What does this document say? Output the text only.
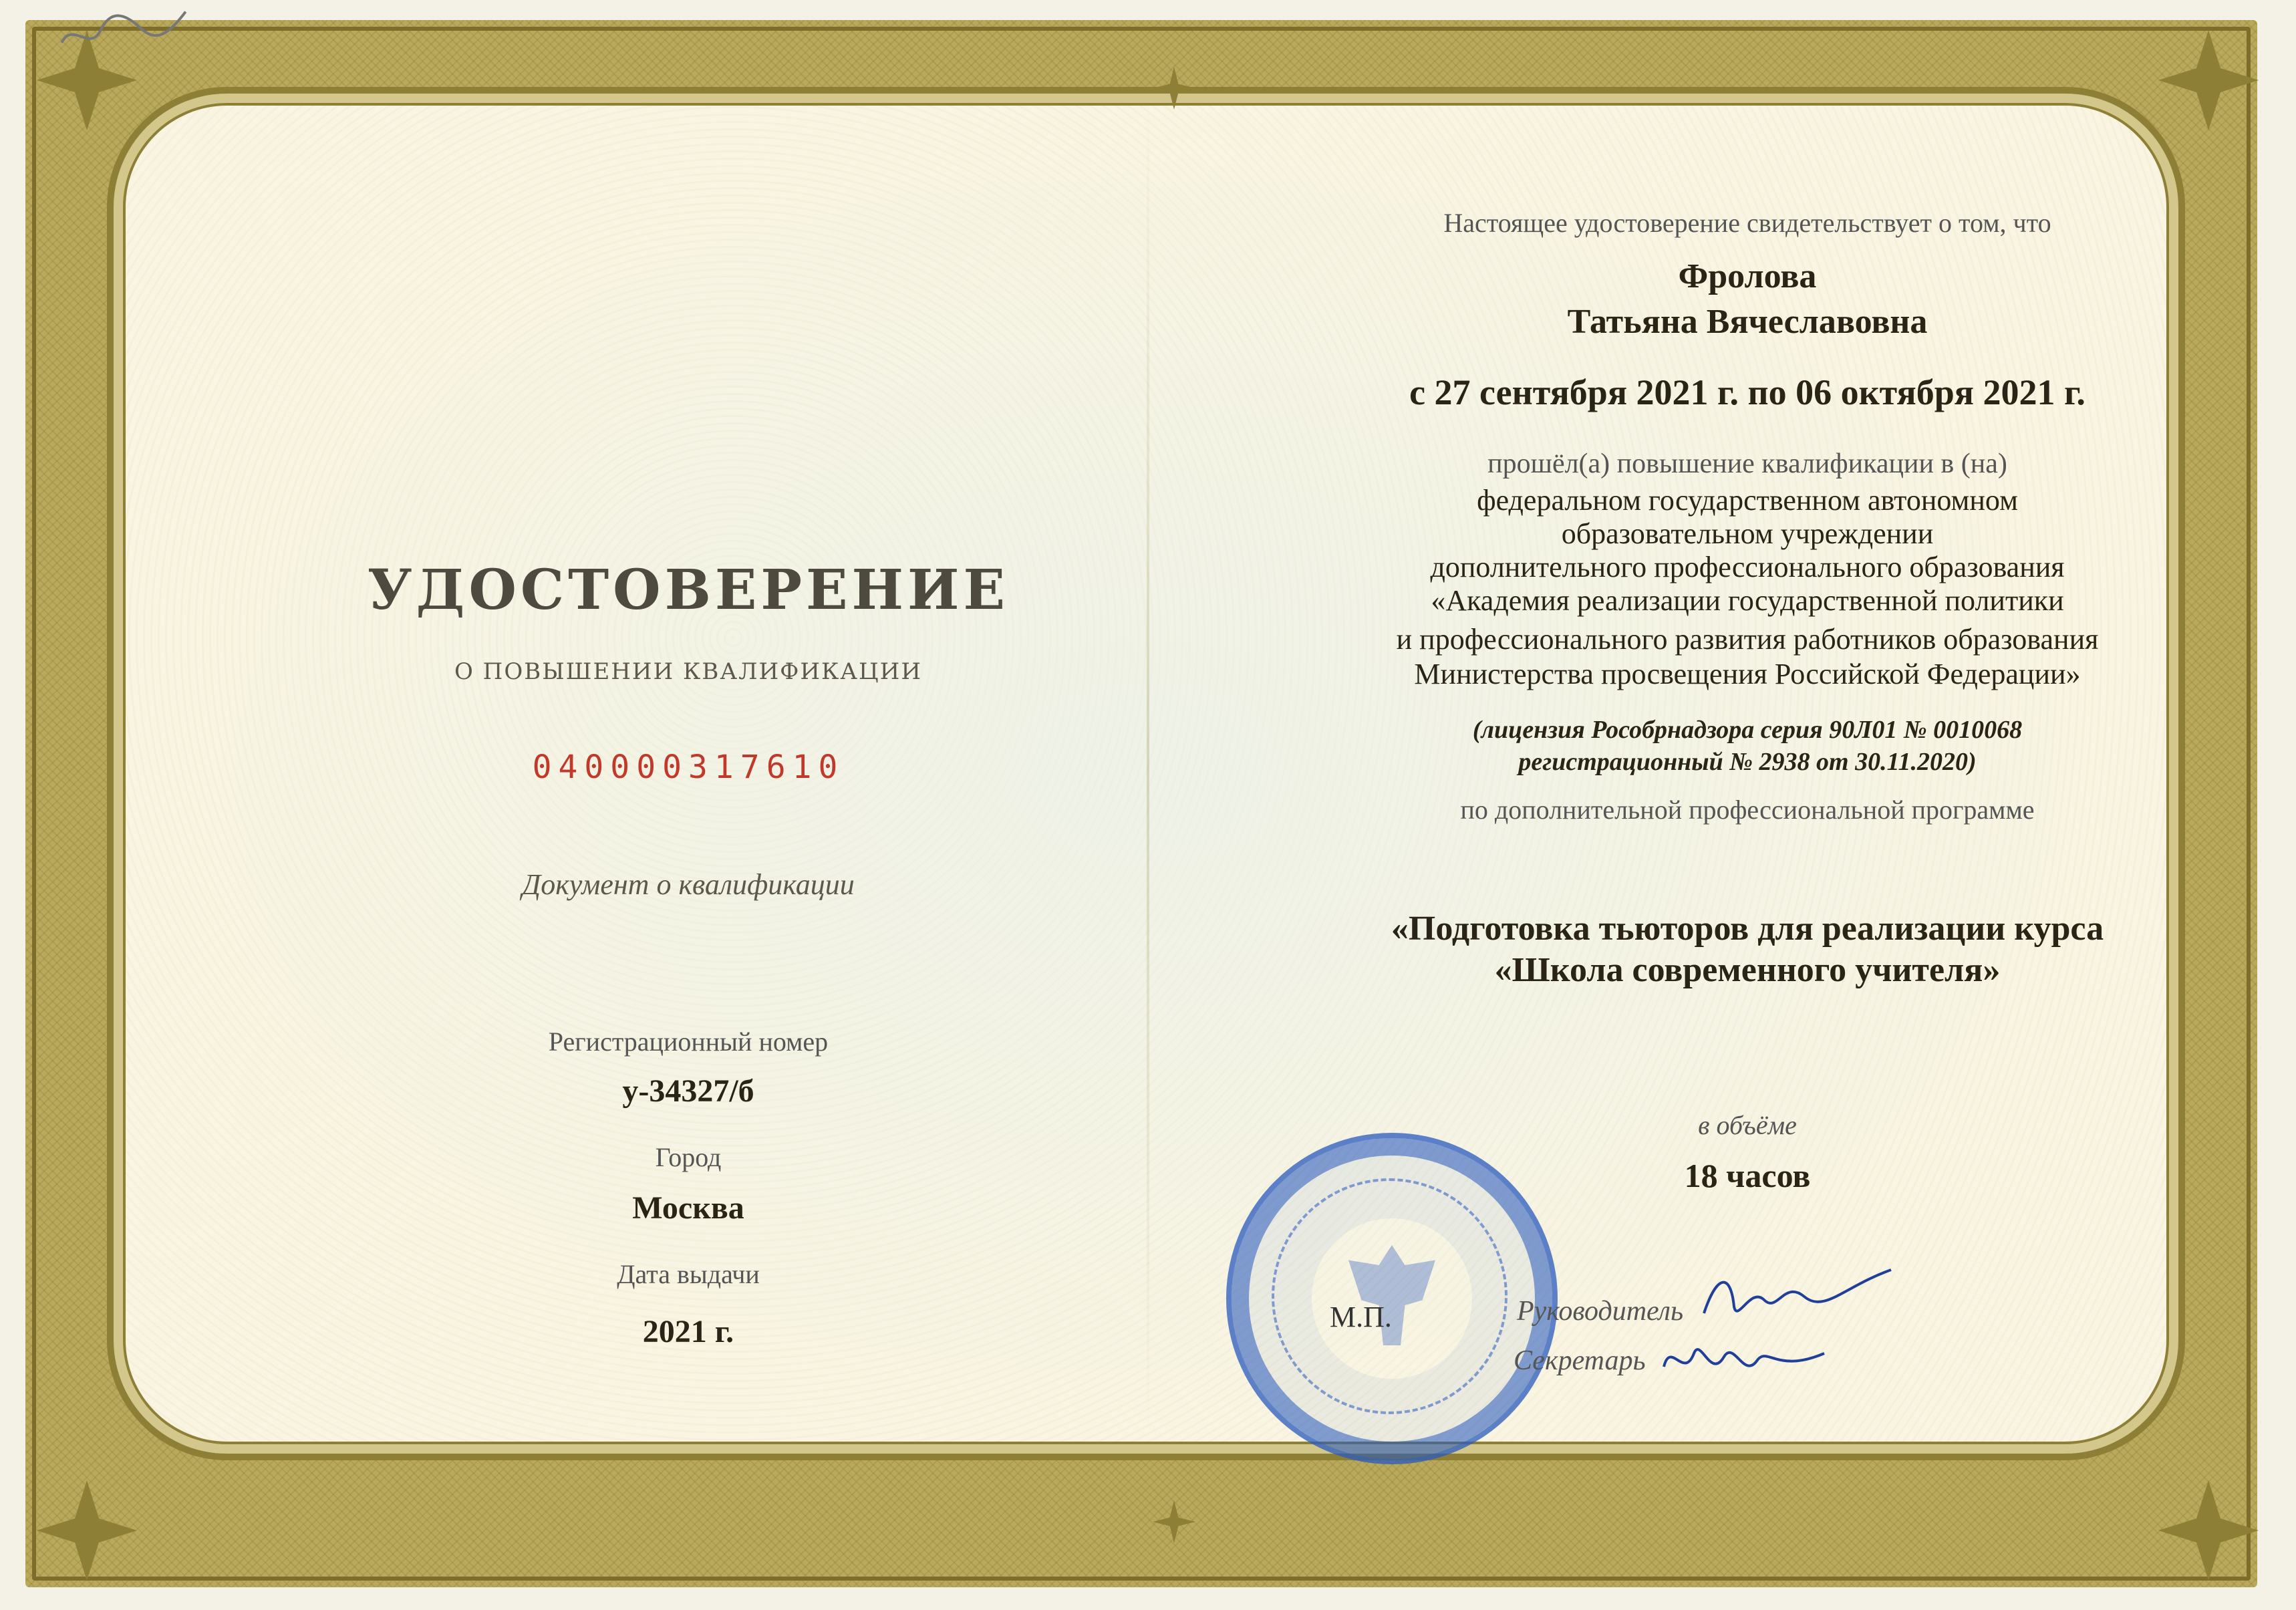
УДОСТОВЕРЕНИЕ
О ПОВЫШЕНИИ КВАЛИФИКАЦИИ
040000317610
Документ о квалификации
Регистрационный номер
у-34327/б
Город
Москва
Дата выдачи
2021 г.
Настоящее удостоверение свидетельствует о том, что
Фролова
Татьяна Вячеславовна
с 27 сентября 2021 г. по 06 октября 2021 г.
прошёл(а) повышение квалификации в (на)
федеральном государственном автономном
образовательном учреждении
дополнительного профессионального образования
«Академия реализации государственной политики
и профессионального развития работников образования
Министерства просвещения Российской Федерации»
(лицензия Рособрнадзора серия 90Л01 № 0010068
регистрационный № 2938 от 30.11.2020)
по дополнительной профессиональной программе
«Подготовка тьюторов для реализации курса
«Школа современного учителя»
в объёме
18 часов
М.П.	Руководитель
Секретарь
